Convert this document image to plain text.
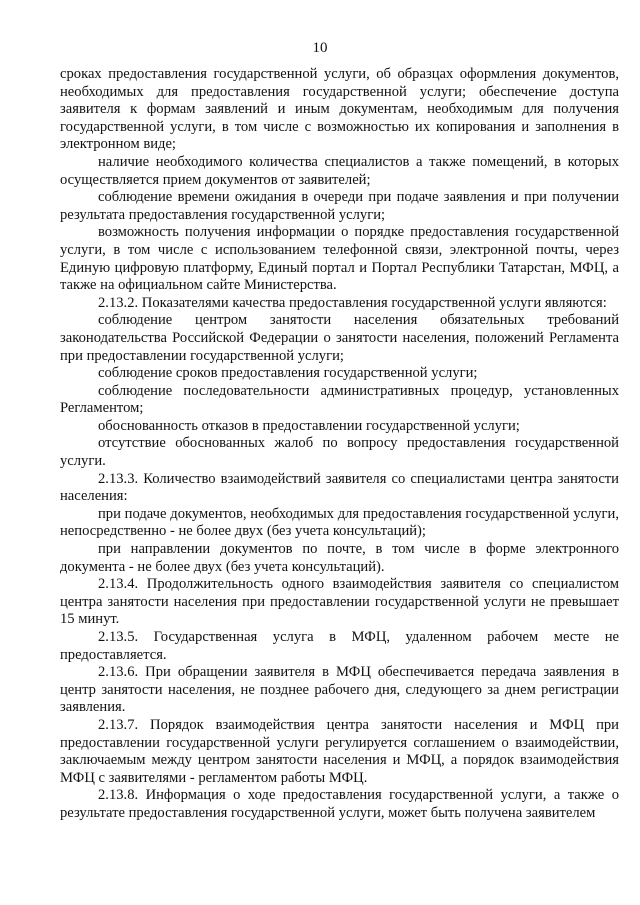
10

сроках предоставления государственной услуги, об образцах оформления документов, необходимых для предоставления государственной услуги; обеспечение доступа заявителя к формам заявлений и иным документам, необходимым для получения государственной услуги, в том числе с возможностью их копирования и заполнения в электронном виде;

наличие необходимого количества специалистов а также помещений, в которых осуществляется прием документов от заявителей;

соблюдение времени ожидания в очереди при подаче заявления и при получении результата предоставления государственной услуги;

возможность получения информации о порядке предоставления государственной услуги, в том числе с использованием телефонной связи, электронной почты, через Единую цифровую платформу, Единый портал и Портал Республики Татарстан, МФЦ, а также на официальном сайте Министерства.

2.13.2. Показателями качества предоставления государственной услуги являются:

соблюдение центром занятости населения обязательных требований законодательства Российской Федерации о занятости населения, положений Регламента при предоставлении государственной услуги;

соблюдение сроков предоставления государственной услуги;

соблюдение последовательности административных процедур, установленных Регламентом;

обоснованность отказов в предоставлении государственной услуги;

отсутствие обоснованных жалоб по вопросу предоставления государственной услуги.

2.13.3. Количество взаимодействий заявителя со специалистами центра занятости населения:

при подаче документов, необходимых для предоставления государственной услуги, непосредственно - не более двух (без учета консультаций);

при направлении документов по почте, в том числе в форме электронного документа - не более двух (без учета консультаций).

2.13.4. Продолжительность одного взаимодействия заявителя со специалистом центра занятости населения при предоставлении государственной услуги не превышает 15 минут.

2.13.5. Государственная услуга в МФЦ, удаленном рабочем месте не предоставляется.

2.13.6. При обращении заявителя в МФЦ обеспечивается передача заявления в центр занятости населения, не позднее рабочего дня, следующего за днем регистрации заявления.

2.13.7. Порядок взаимодействия центра занятости населения и МФЦ при предоставлении государственной услуги регулируется соглашением о взаимодействии, заключаемым между центром занятости населения и МФЦ, а порядок взаимодействия МФЦ с заявителями - регламентом работы МФЦ.

2.13.8. Информация о ходе предоставления государственной услуги, а также о результате предоставления государственной услуги, может быть получена заявителем
